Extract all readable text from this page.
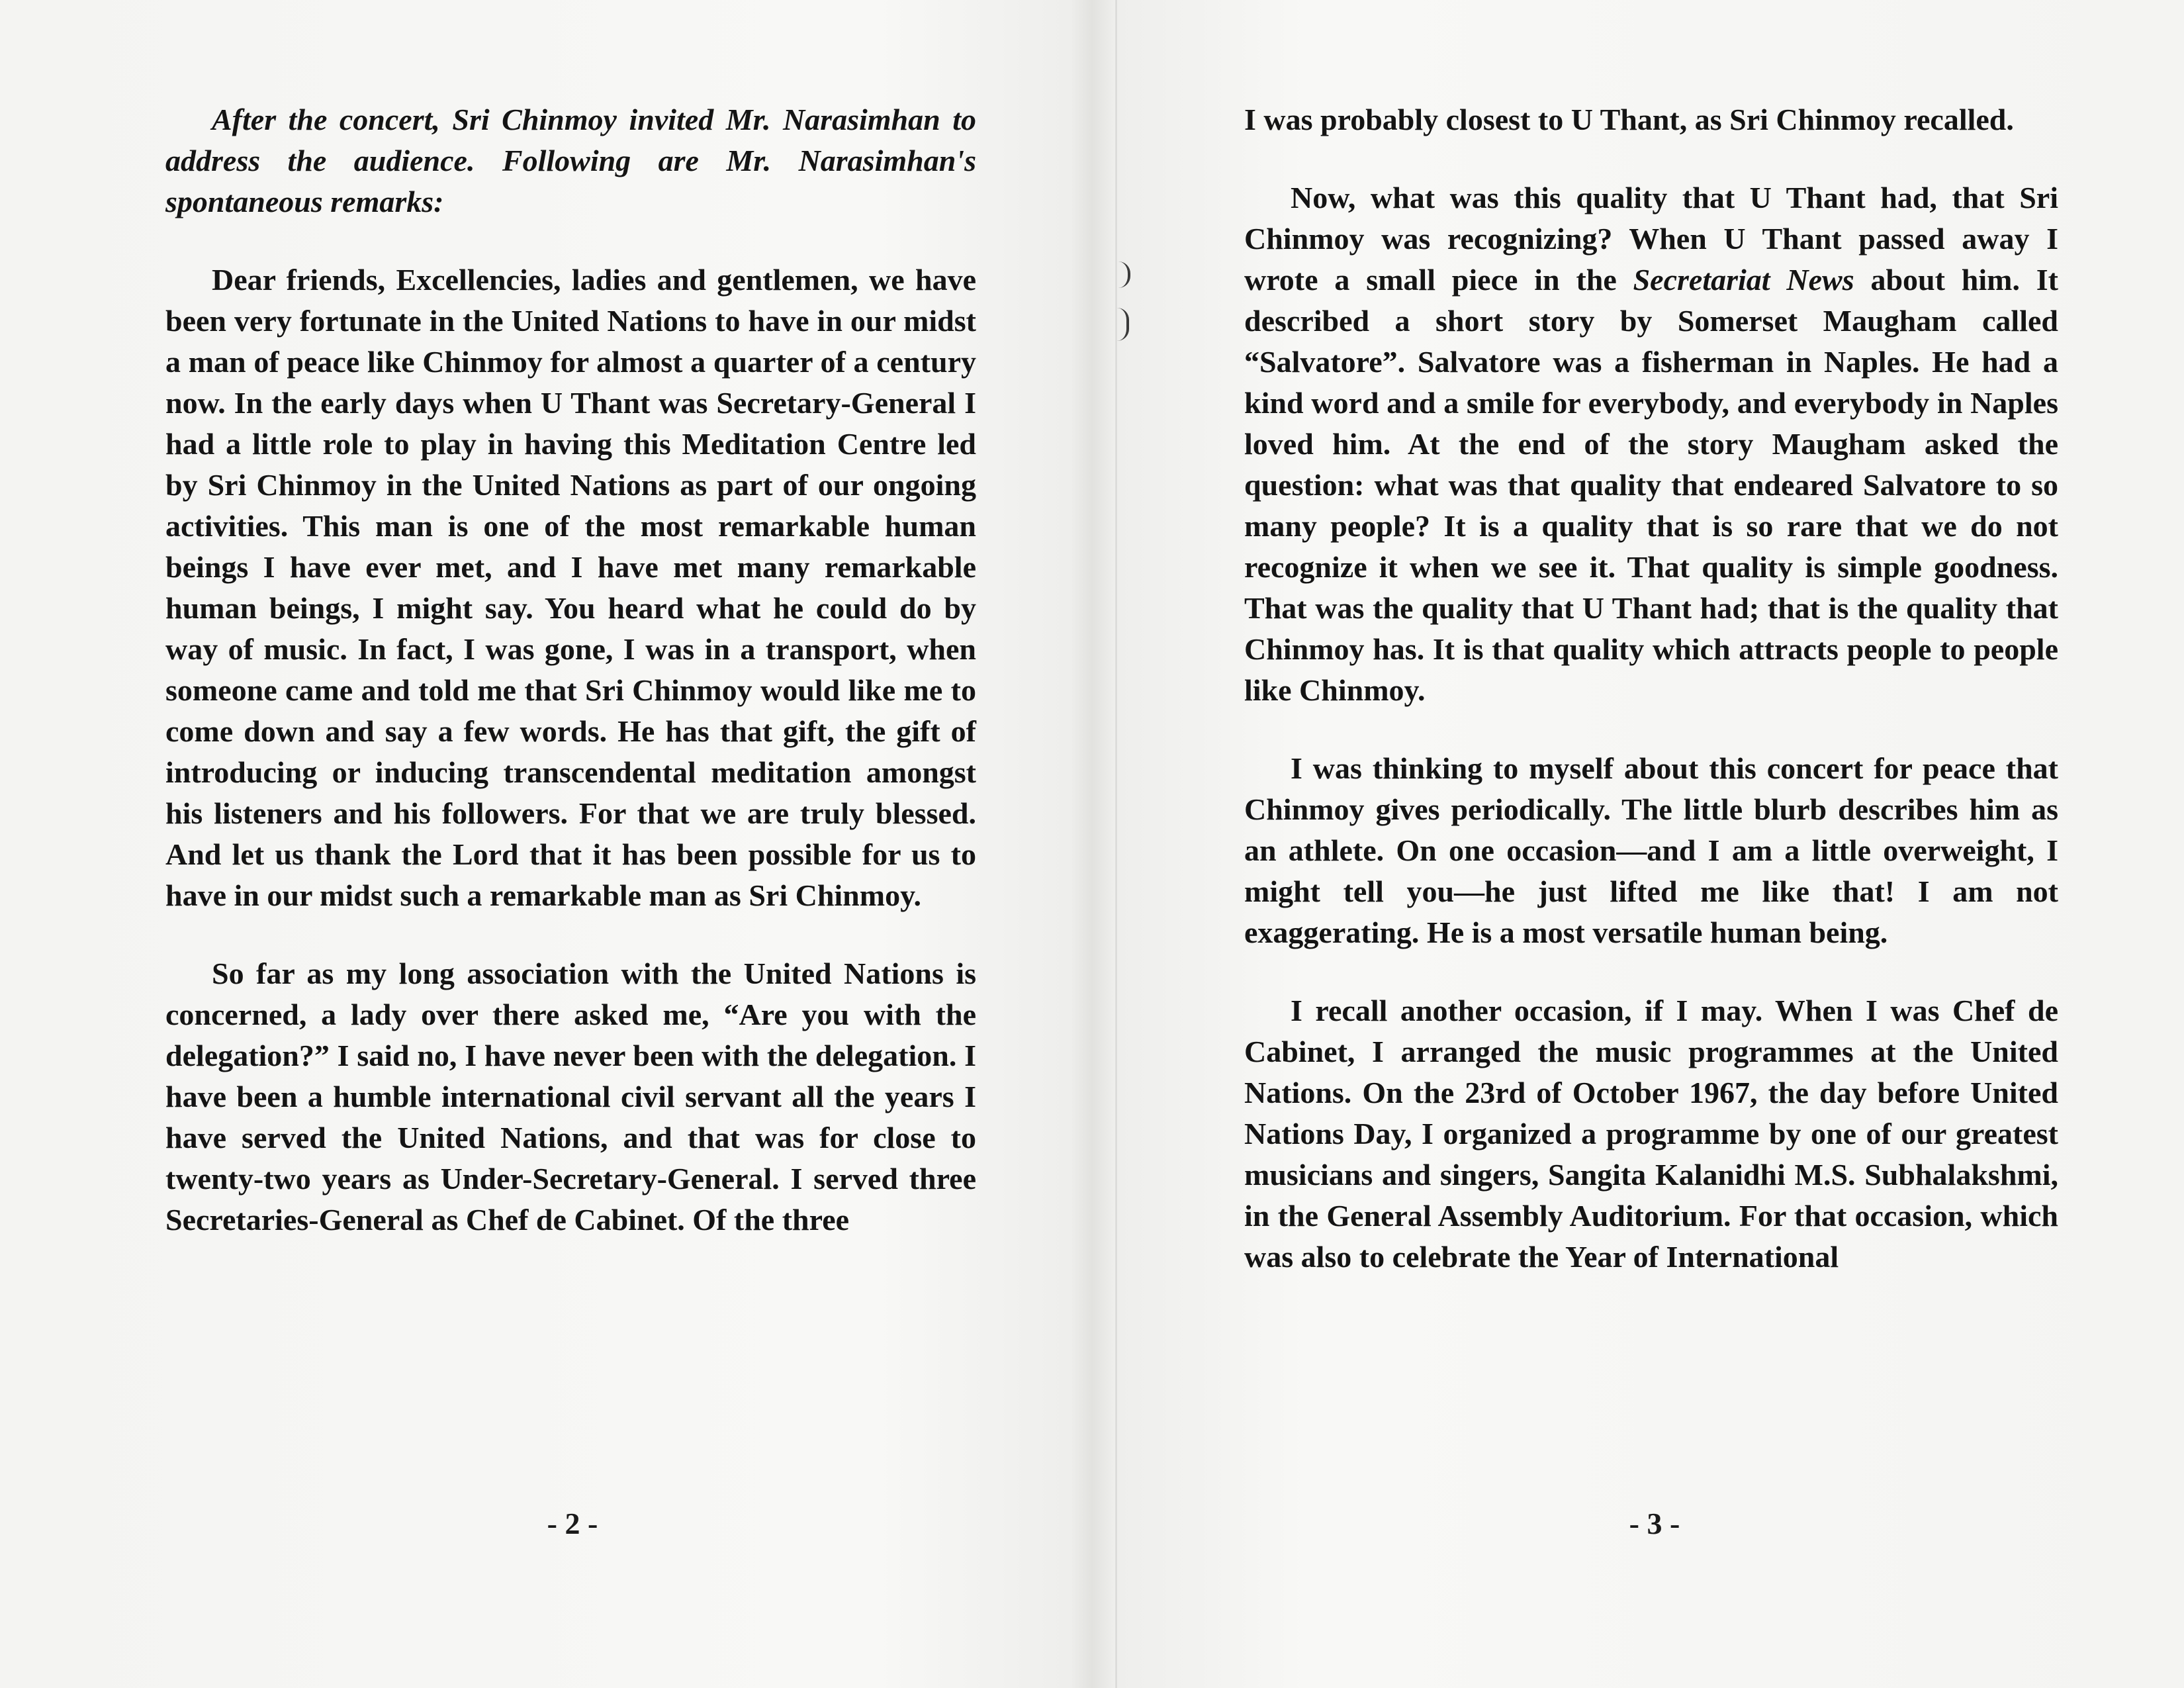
After the concert, Sri Chinmoy invited Mr. Narasimhan to address the audience. Following are Mr. Narasimhan's spontaneous remarks:

Dear friends, Excellencies, ladies and gentlemen, we have been very fortunate in the United Nations to have in our midst a man of peace like Chinmoy for almost a quarter of a century now. In the early days when U Thant was Secretary-General I had a little role to play in having this Meditation Centre led by Sri Chinmoy in the United Nations as part of our ongoing activities. This man is one of the most remarkable human beings I have ever met, and I have met many remarkable human beings, I might say. You heard what he could do by way of music. In fact, I was gone, I was in a transport, when someone came and told me that Sri Chinmoy would like me to come down and say a few words. He has that gift, the gift of introducing or inducing transcendental meditation amongst his listeners and his followers. For that we are truly blessed. And let us thank the Lord that it has been possible for us to have in our midst such a remarkable man as Sri Chinmoy.

So far as my long association with the United Nations is concerned, a lady over there asked me, “Are you with the delegation?” I said no, I have never been with the delegation. I have been a humble international civil servant all the years I have served the United Nations, and that was for close to twenty-two years as Under-Secretary-General. I served three Secretaries-General as Chef de Cabinet. Of the three

- 2 -

I was probably closest to U Thant, as Sri Chinmoy recalled.

Now, what was this quality that U Thant had, that Sri Chinmoy was recognizing? When U Thant passed away I wrote a small piece in the Secretariat News about him. It described a short story by Somerset Maugham called “Salvatore”. Salvatore was a fisherman in Naples. He had a kind word and a smile for everybody, and everybody in Naples loved him. At the end of the story Maugham asked the question: what was that quality that endeared Salvatore to so many people? It is a quality that is so rare that we do not recognize it when we see it. That quality is simple goodness. That was the quality that U Thant had; that is the quality that Chinmoy has. It is that quality which attracts people to people like Chinmoy.

I was thinking to myself about this concert for peace that Chinmoy gives periodically. The little blurb describes him as an athlete. On one occasion—and I am a little overweight, I might tell you—he just lifted me like that! I am not exaggerating. He is a most versatile human being.

I recall another occasion, if I may. When I was Chef de Cabinet, I arranged the music programmes at the United Nations. On the 23rd of October 1967, the day before United Nations Day, I organized a programme by one of our greatest musicians and singers, Sangita Kalanidhi M.S. Subhalakshmi, in the General Assembly Auditorium. For that occasion, which was also to celebrate the Year of International

- 3 -
